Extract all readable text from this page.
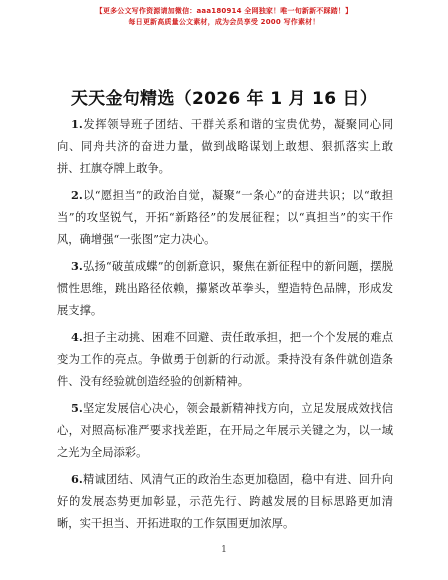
【更多公文写作资源请加微信：aaa180914 全网独家！唯一旬新新不踩踏！】
每日更新高质量公文素材，成为会员享受 2000 写作素材！
天天金句精选（2026 年 1 月 16 日）

1.发挥领导班子团结、干群关系和谐的宝贵优势，凝聚同心同向、同舟共济的奋进力量，做到战略谋划上敢想、狠抓落实上敢拼、扛旗夺牌上敢争。

2.以“愿担当”的政治自觉，凝聚“一条心”的奋进共识；以“敢担当”的攻坚锐气，开拓“新路径”的发展征程；以“真担当”的实干作风，确增强“一张图”定力决心。

3.弘扬“破茧成蝶”的创新意识，聚焦在新征程中的新问题，摆脱惯性思维，跳出路径依赖，攥紧改革拳头，塑造特色品牌，形成发展支撑。

4.担子主动挑、困难不回避、责任敢承担，把一个个发展的难点变为工作的亮点。争做勇于创新的行动派。秉持没有条件就创造条件、没有经验就创造经验的创新精神。

5.坚定发展信心决心，领会最新精神找方向，立足发展成效找信心，对照高标准严要求找差距，在开局之年展示关键之为，以一域之光为全局添彩。

6.精诚团结、风清气正的政治生态更加稳固，稳中有进、回升向好的发展态势更加彰显，示范先行、跨越发展的目标思路更加清晰，实干担当、开拓进取的工作氛围更加浓厚。

1
